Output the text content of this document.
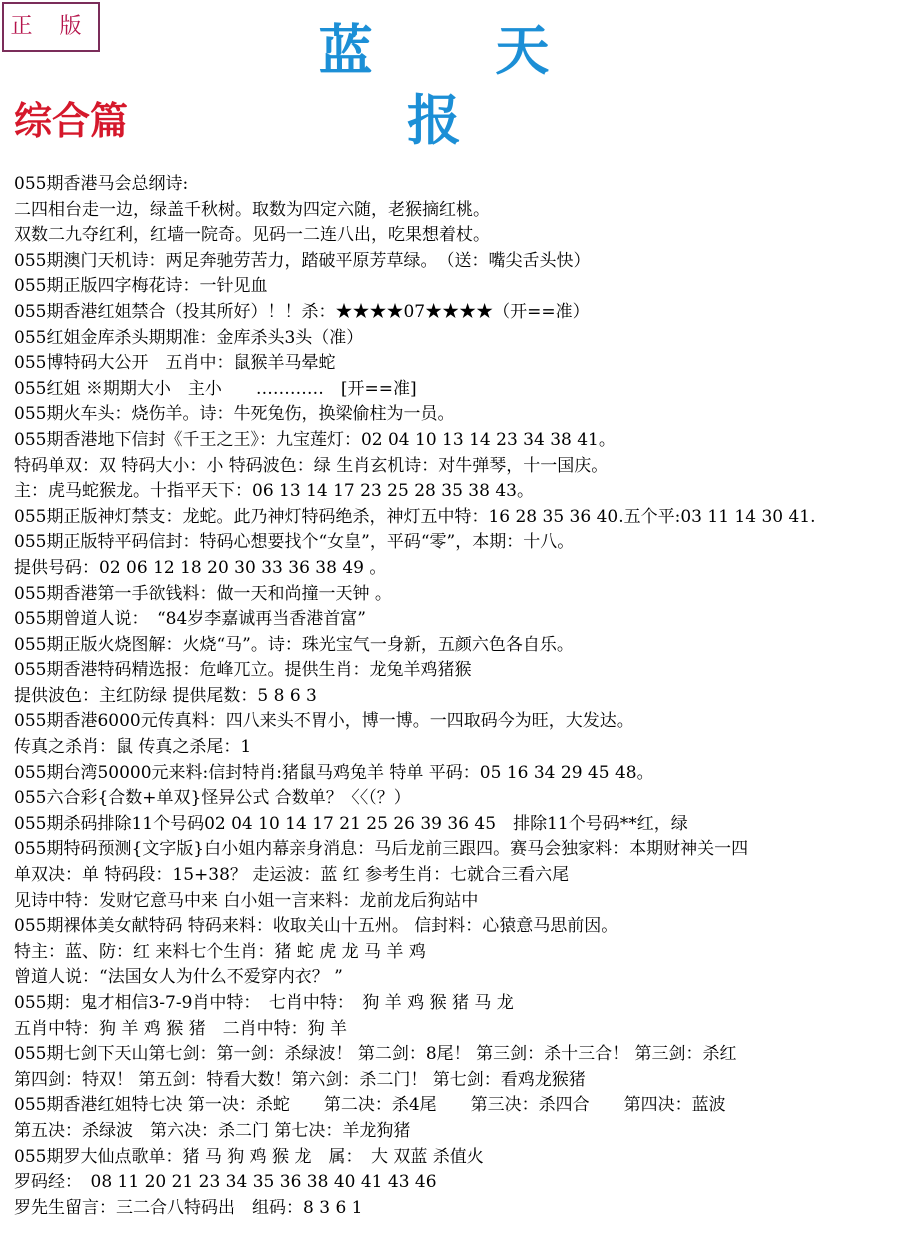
正 版	蓝 天 报
综合篇
055期香港马会总纲诗:
二四相台走一边，绿盖千秋树。取数为四定六随，老猴摘红桃。
双数二九夺红利，红墙一院奇。见码一二连八出，吃果想着杖。
055期澳门天机诗：两足奔驰劳苦力，踏破平原芳草绿。　（送：嘴尖舌头快）
055期正版四字梅花诗：一针见血
055期香港红姐禁合（投其所好）！！杀：★★★★07★★★★（开==准）
055红姐金库杀头期期准：金库杀头3头（准）
055博特码大公开　五肖中：鼠猴羊马晕蛇
055红姐 ※期期大小　主小　　…………　[开==准]
055期火车头：烧伤羊。诗：牛死兔伤，换梁偷柱为一员。
055期香港地下信封《千王之王》：九宝莲灯：02 04 10 13 14 23 34 38 41。
特码单双：双 特码大小：小 特码波色：绿 生肖玄机诗：对牛弹琴，十一国庆。
主：虎马蛇猴龙。十指平天下：06 13 14 17 23 25 28 35 38 43。
055期正版神灯禁支：龙蛇。此乃神灯特码绝杀，神灯五中特：16 28 35 36 40.五个平:03 11 14 30 41.
055期正版特平码信封：特码心想要找个“女皇”，平码“零”，本期：十八。
提供号码：02 06 12 18 20 30 33 36 38 49 。
055期香港第一手欲钱料：做一天和尚撞一天钟 。
055期曾道人说：　“84岁李嘉诚再当香港首富”
055期正版火烧图解：火烧“马”。诗：珠光宝气一身新，五颜六色各自乐。
055期香港特码精选报：危峰兀立。提供生肖：龙兔羊鸡猪猴
提供波色：主红防绿 提供尾数：5 8 6 3
055期香港6000元传真料：四八来头不胃小，博一博。一四取码今为旺，大发达。
传真之杀肖：鼠 传真之杀尾：1
055期台湾50000元来料:信封特肖:猪鼠马鸡兔羊 特单 平码：05 16 34 29 45 48。
055六合彩{合数+单双}怪异公式 合数单？〈〈（？）
055期杀码排除11个号码02 04 10 14 17 21 25 26 39 36 45　排除11个号码**红，绿
055期特码预测{文字版}白小姐内幕亲身消息：马后龙前三跟四。赛马会独家料：本期财神关一四
单双决：单 特码段：15+38？ 走运波：蓝 红 参考生肖：七就合三看六尾
见诗中特：发财它意马中来 白小姐一言来料：龙前龙后狗站中
055期裸体美女献特码 特码来料：收取关山十五州。 信封料：心猿意马思前因。
特主：蓝、防：红 来料七个生肖：猪 蛇 虎 龙 马 羊 鸡
曾道人说：“法国女人为什么不爱穿内衣？ ”
055期：鬼才相信3-7-9肖中特：　七肖中特：　狗 羊 鸡 猴 猪 马 龙
五肖中特：狗 羊 鸡 猴 猪　二肖中特：狗 羊
055期七剑下天山第七剑：第一剑：杀绿波！ 第二剑：8尾！ 第三剑：杀十三合！ 第三剑：杀红
第四剑：特双！ 第五剑：特看大数！第六剑：杀二门！ 第七剑：看鸡龙猴猪
055期香港红姐特七决 第一决：杀蛇　　第二决：杀4尾　　第三决：杀四合　　第四决：蓝波
第五决：杀绿波　第六决：杀二门 第七决：羊龙狗猪
055期罗大仙点歌单：猪 马 狗 鸡 猴 龙　属：　大 双蓝 杀值火
罗码经：　08 11 20 21 23 34 35 36 38 40 41 43 46
罗先生留言：三二合八特码出　组码：8 3 6 1
